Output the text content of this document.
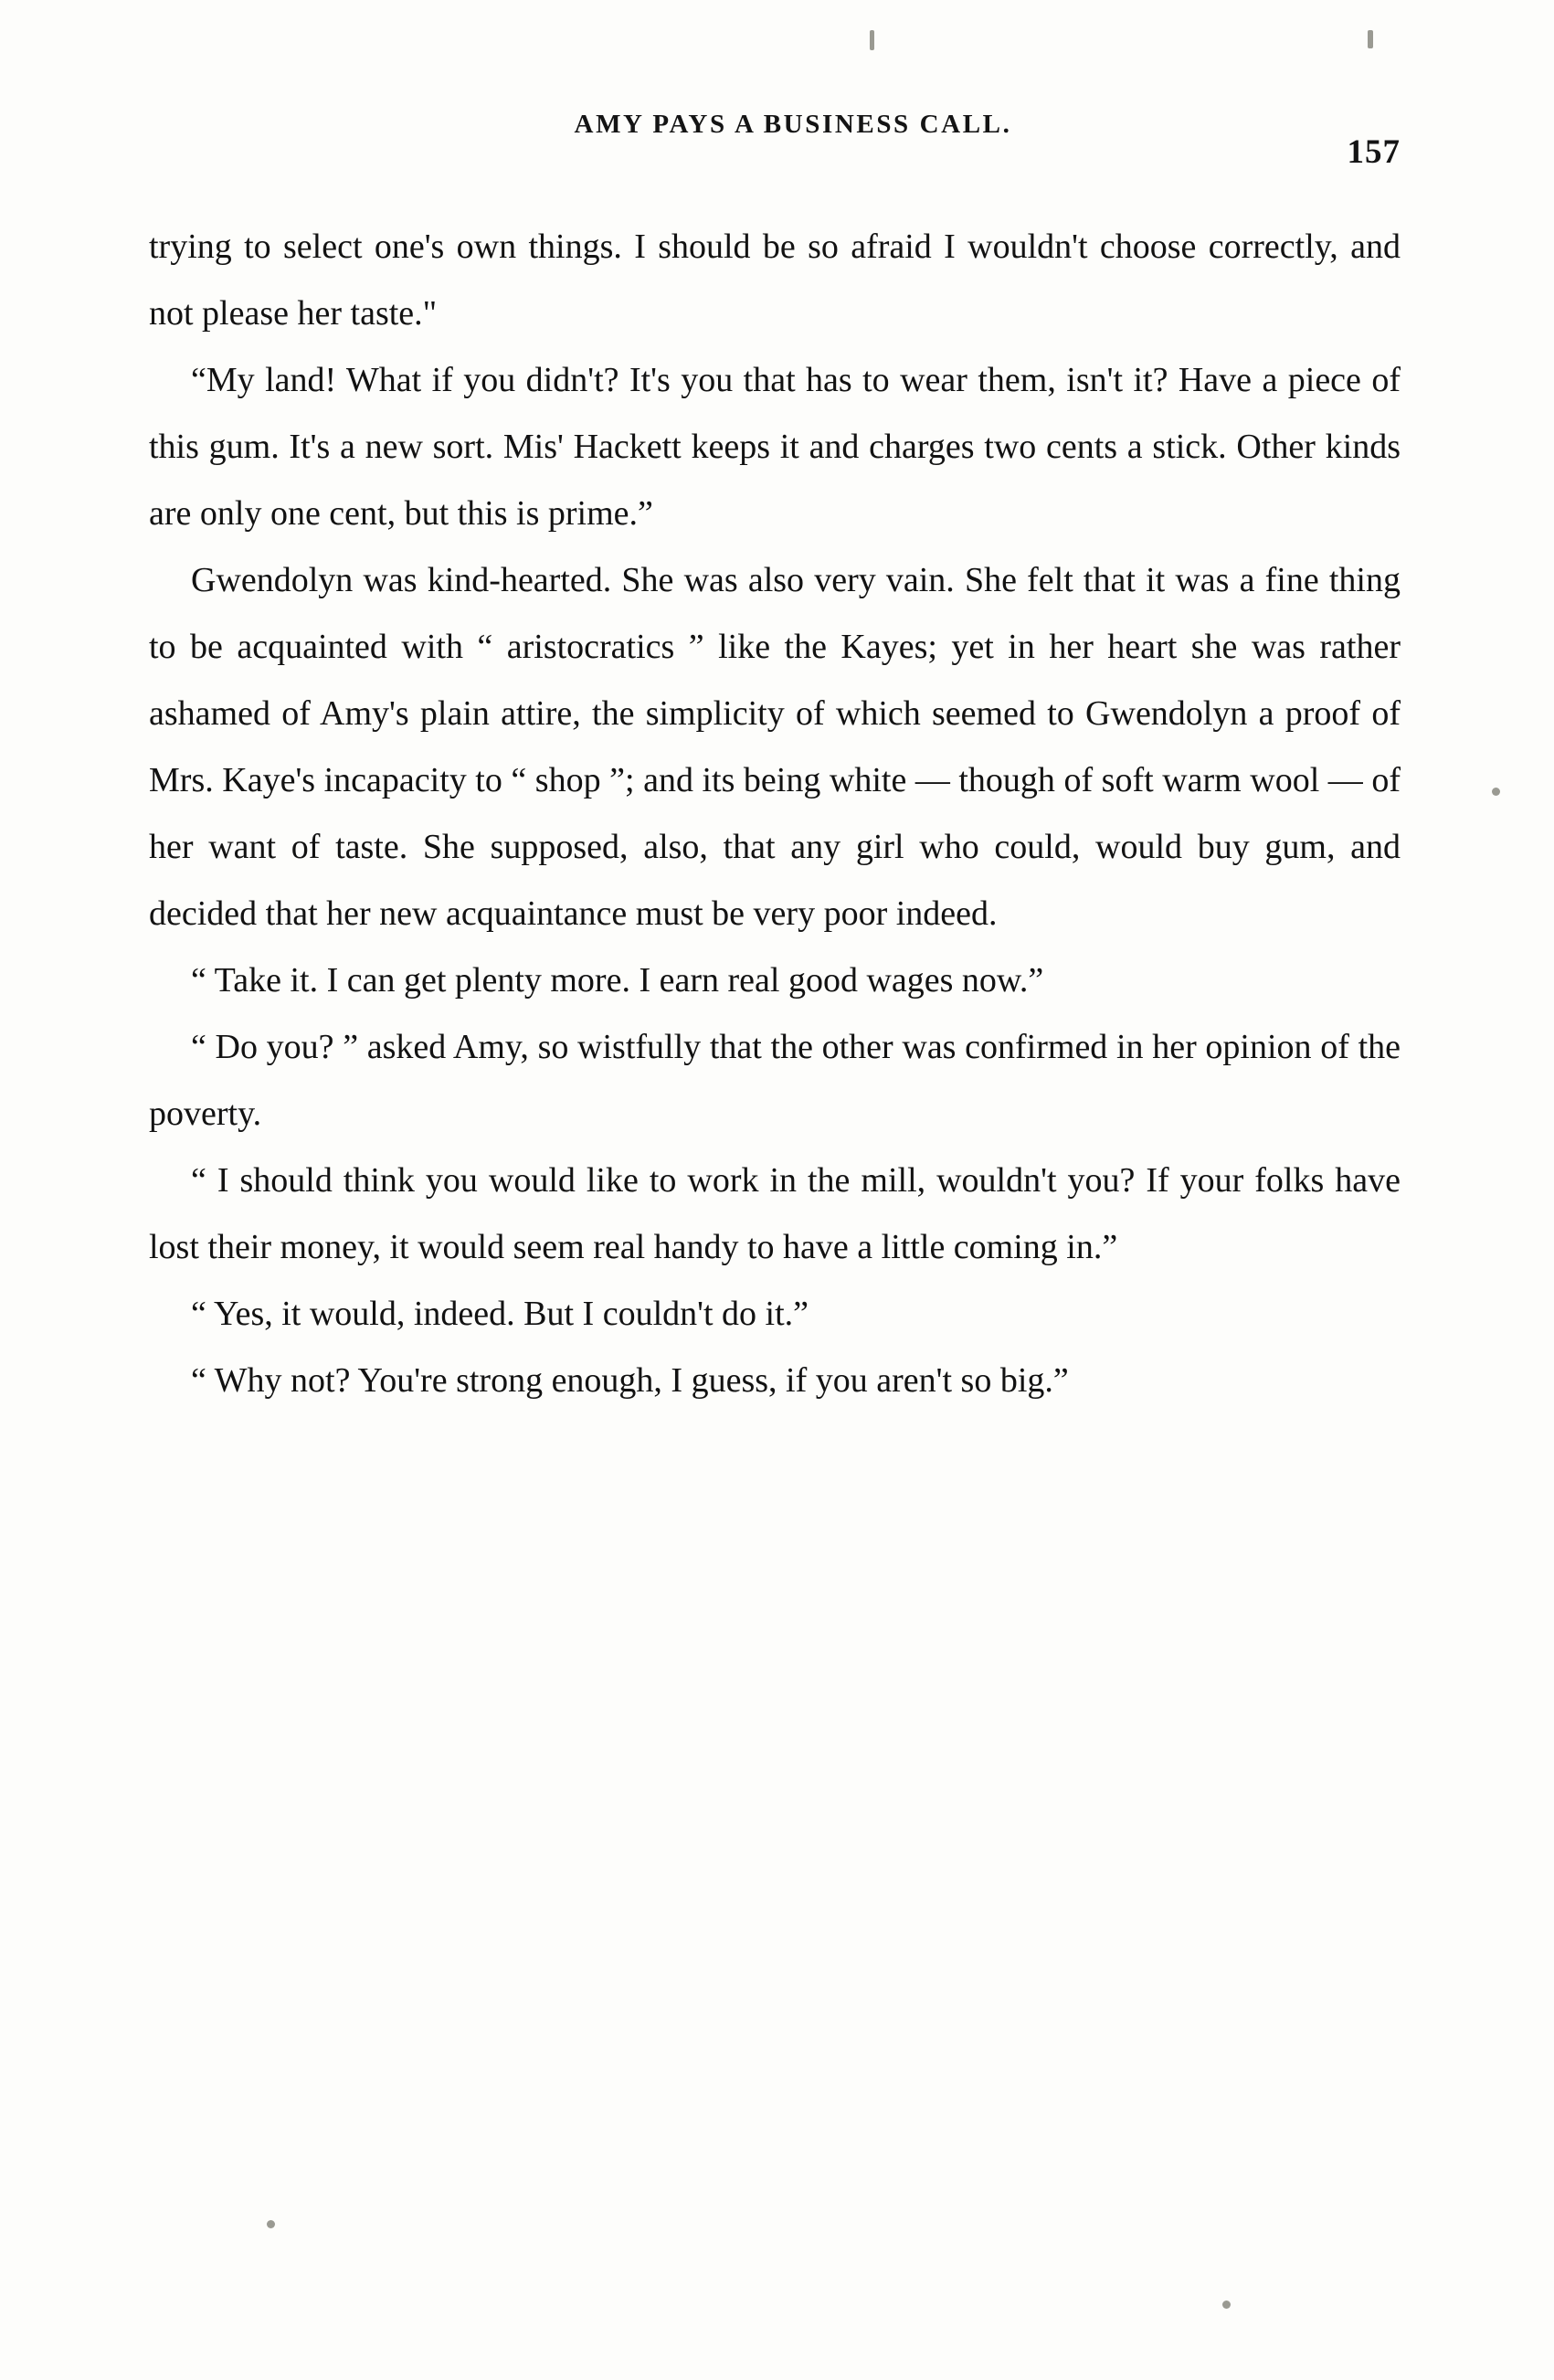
AMY PAYS A BUSINESS CALL.
157

trying to select one's own things. I should be so afraid I wouldn't choose correctly, and not please her taste."

“My land! What if you didn't? It's you that has to wear them, isn't it? Have a piece of this gum. It's a new sort. Mis' Hackett keeps it and charges two cents a stick. Other kinds are only one cent, but this is prime.”

Gwendolyn was kind-hearted. She was also very vain. She felt that it was a fine thing to be acquainted with “ aristocratics ” like the Kayes; yet in her heart she was rather ashamed of Amy's plain attire, the simplicity of which seemed to Gwendolyn a proof of Mrs. Kaye's incapacity to “ shop ”; and its being white — though of soft warm wool — of her want of taste. She supposed, also, that any girl who could, would buy gum, and decided that her new acquaintance must be very poor indeed.

“ Take it. I can get plenty more. I earn real good wages now.”

“ Do you? ” asked Amy, so wistfully that the other was confirmed in her opinion of the poverty.

“ I should think you would like to work in the mill, wouldn't you? If your folks have lost their money, it would seem real handy to have a little coming in.”

“ Yes, it would, indeed. But I couldn't do it.”

“ Why not? You're strong enough, I guess, if you aren't so big.”
